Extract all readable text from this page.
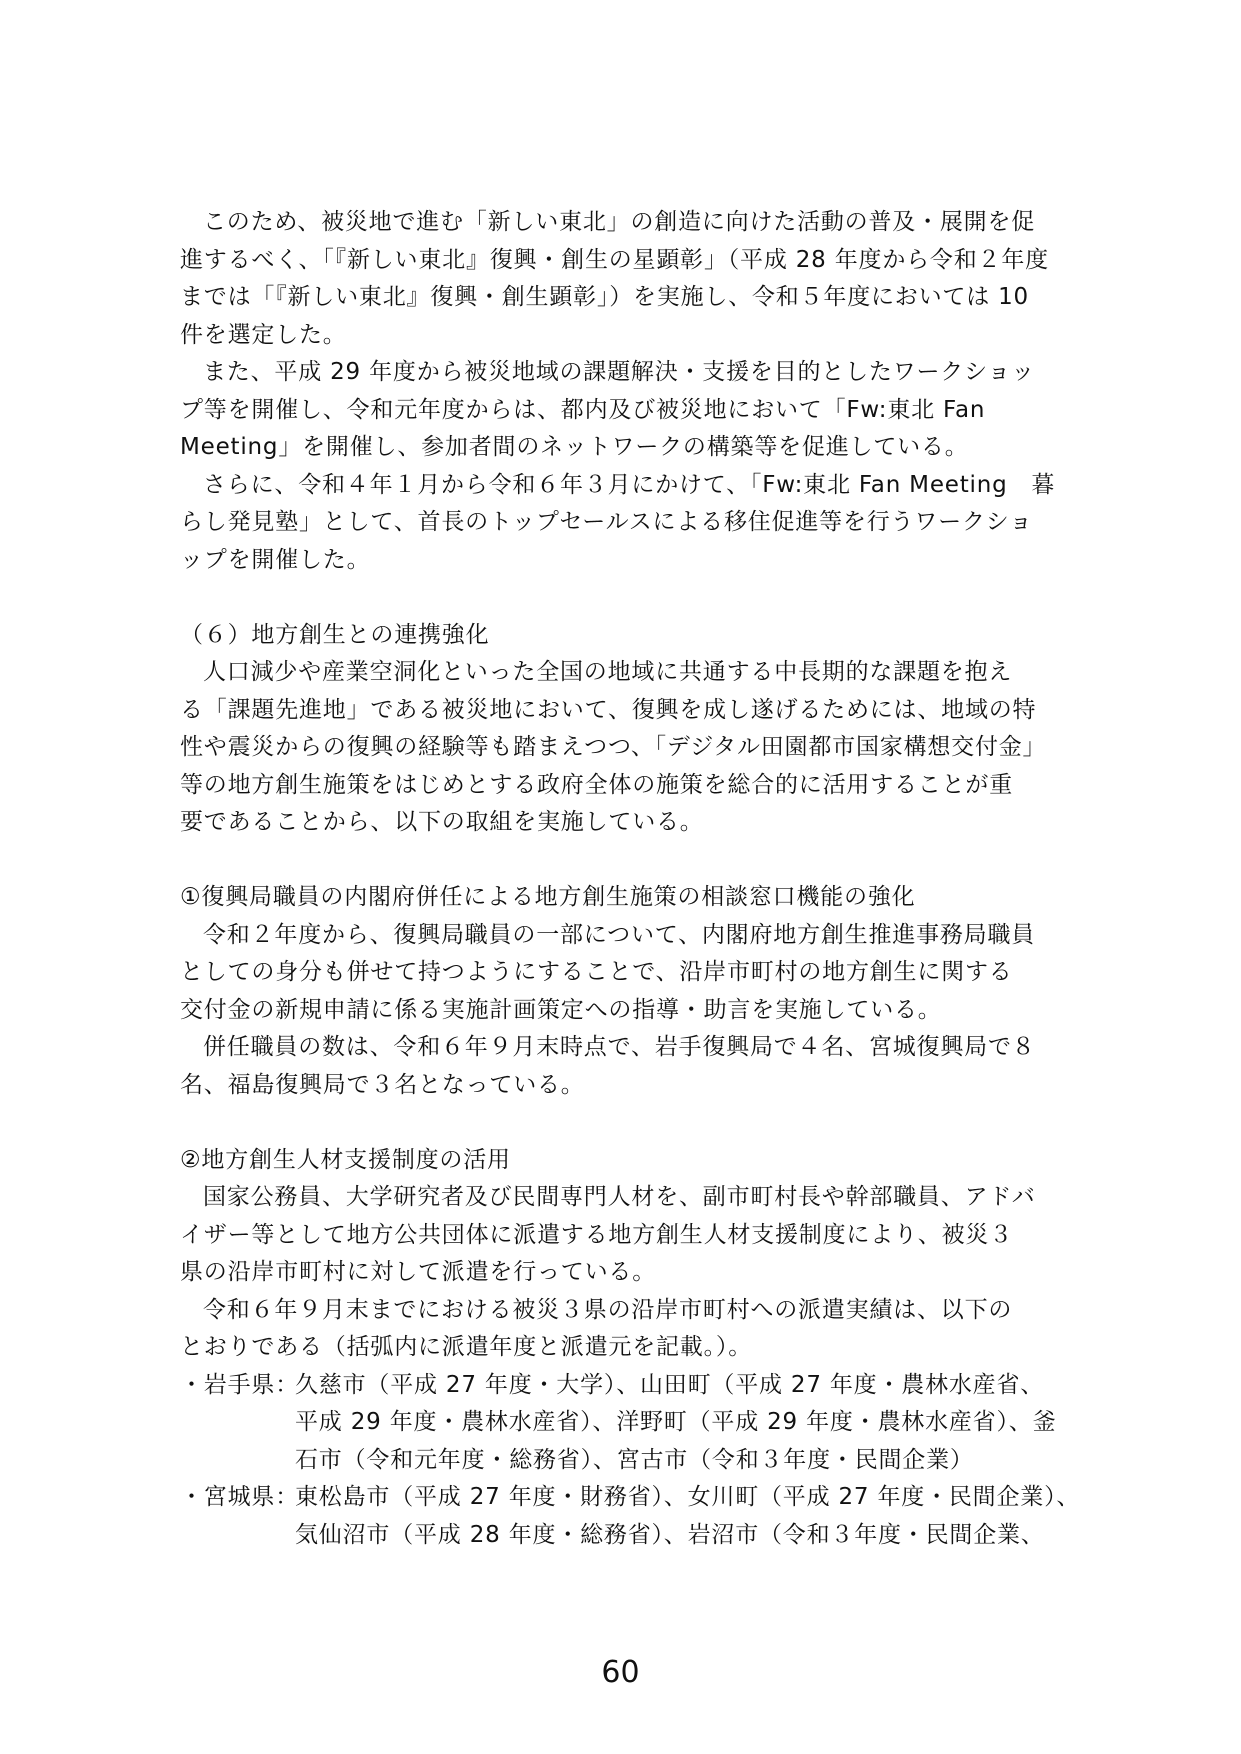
このため、被災地で進む「新しい東北」の創造に向けた活動の普及・展開を促
進するべく、「『新しい東北』復興・創生の星顕彰」（平成 28 年度から令和２年度
までは「『新しい東北』復興・創生顕彰」）を実施し、令和５年度においては 10
件を選定した。
また、平成 29 年度から被災地域の課題解決・支援を目的としたワークショッ
プ等を開催し、令和元年度からは、都内及び被災地において「Fw:東北 Fan
Meeting」を開催し、参加者間のネットワークの構築等を促進している。
さらに、令和４年１月から令和６年３月にかけて、「Fw:東北 Fan Meeting　暮
らし発見塾」として、首長のトップセールスによる移住促進等を行うワークショ
ップを開催した。
（６）地方創生との連携強化
人口減少や産業空洞化といった全国の地域に共通する中長期的な課題を抱え
る「課題先進地」である被災地において、復興を成し遂げるためには、地域の特
性や震災からの復興の経験等も踏まえつつ、「デジタル田園都市国家構想交付金」
等の地方創生施策をはじめとする政府全体の施策を総合的に活用することが重
要であることから、以下の取組を実施している。
①復興局職員の内閣府併任による地方創生施策の相談窓口機能の強化
令和２年度から、復興局職員の一部について、内閣府地方創生推進事務局職員
としての身分も併せて持つようにすることで、沿岸市町村の地方創生に関する
交付金の新規申請に係る実施計画策定への指導・助言を実施している。
併任職員の数は、令和６年９月末時点で、岩手復興局で４名、宮城復興局で８
名、福島復興局で３名となっている。
②地方創生人材支援制度の活用
国家公務員、大学研究者及び民間専門人材を、副市町村長や幹部職員、アドバ
イザー等として地方公共団体に派遣する地方創生人材支援制度により、被災３
県の沿岸市町村に対して派遣を行っている。
令和６年９月末までにおける被災３県の沿岸市町村への派遣実績は、以下の
とおりである（括弧内に派遣年度と派遣元を記載。）。
・岩手県：
久慈市（平成 27 年度・大学）、山田町（平成 27 年度・農林水産省、
平成 29 年度・農林水産省）、洋野町（平成 29 年度・農林水産省）、釜
石市（令和元年度・総務省）、宮古市（令和３年度・民間企業）
・宮城県：
東松島市（平成 27 年度・財務省）、女川町（平成 27 年度・民間企業）、
気仙沼市（平成 28 年度・総務省）、岩沼市（令和３年度・民間企業、
60
